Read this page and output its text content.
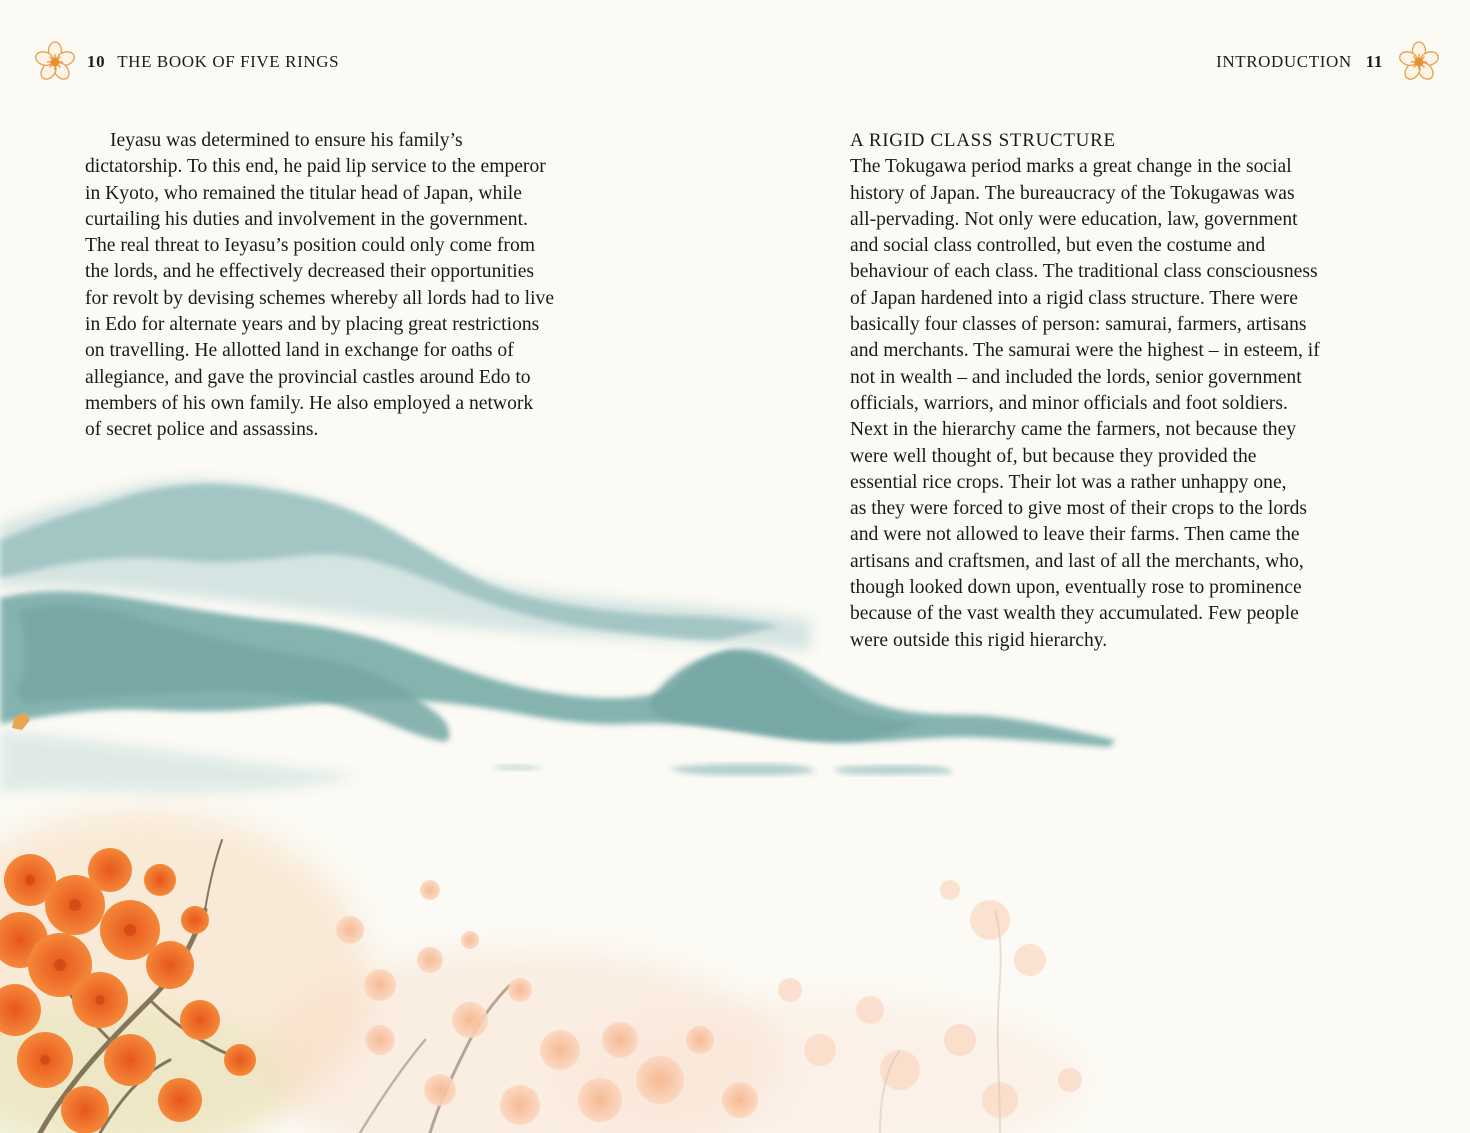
10 THE BOOK OF FIVE RINGS	INTRODUCTION 11
Ieyasu was determined to ensure his family’s
dictatorship. To this end, he paid lip service to the emperor
in Kyoto, who remained the titular head of Japan, while
curtailing his duties and involvement in the government.
The real threat to Ieyasu’s position could only come from
the lords, and he effectively decreased their opportunities
for revolt by devising schemes whereby all lords had to live
in Edo for alternate years and by placing great restrictions
on travelling. He allotted land in exchange for oaths of
allegiance, and gave the provincial castles around Edo to
members of his own family. He also employed a network
of secret police and assassins.
A RIGID CLASS STRUCTURE
The Tokugawa period marks a great change in the social
history of Japan. The bureaucracy of the Tokugawas was
all-pervading. Not only were education, law, government
and social class controlled, but even the costume and
behaviour of each class. The traditional class consciousness
of Japan hardened into a rigid class structure. There were
basically four classes of person: samurai, farmers, artisans
and merchants. The samurai were the highest – in esteem, if
not in wealth – and included the lords, senior government
officials, warriors, and minor officials and foot soldiers.
Next in the hierarchy came the farmers, not because they
were well thought of, but because they provided the
essential rice crops. Their lot was a rather unhappy one,
as they were forced to give most of their crops to the lords
and were not allowed to leave their farms. Then came the
artisans and craftsmen, and last of all the merchants, who,
though looked down upon, eventually rose to prominence
because of the vast wealth they accumulated. Few people
were outside this rigid hierarchy.
